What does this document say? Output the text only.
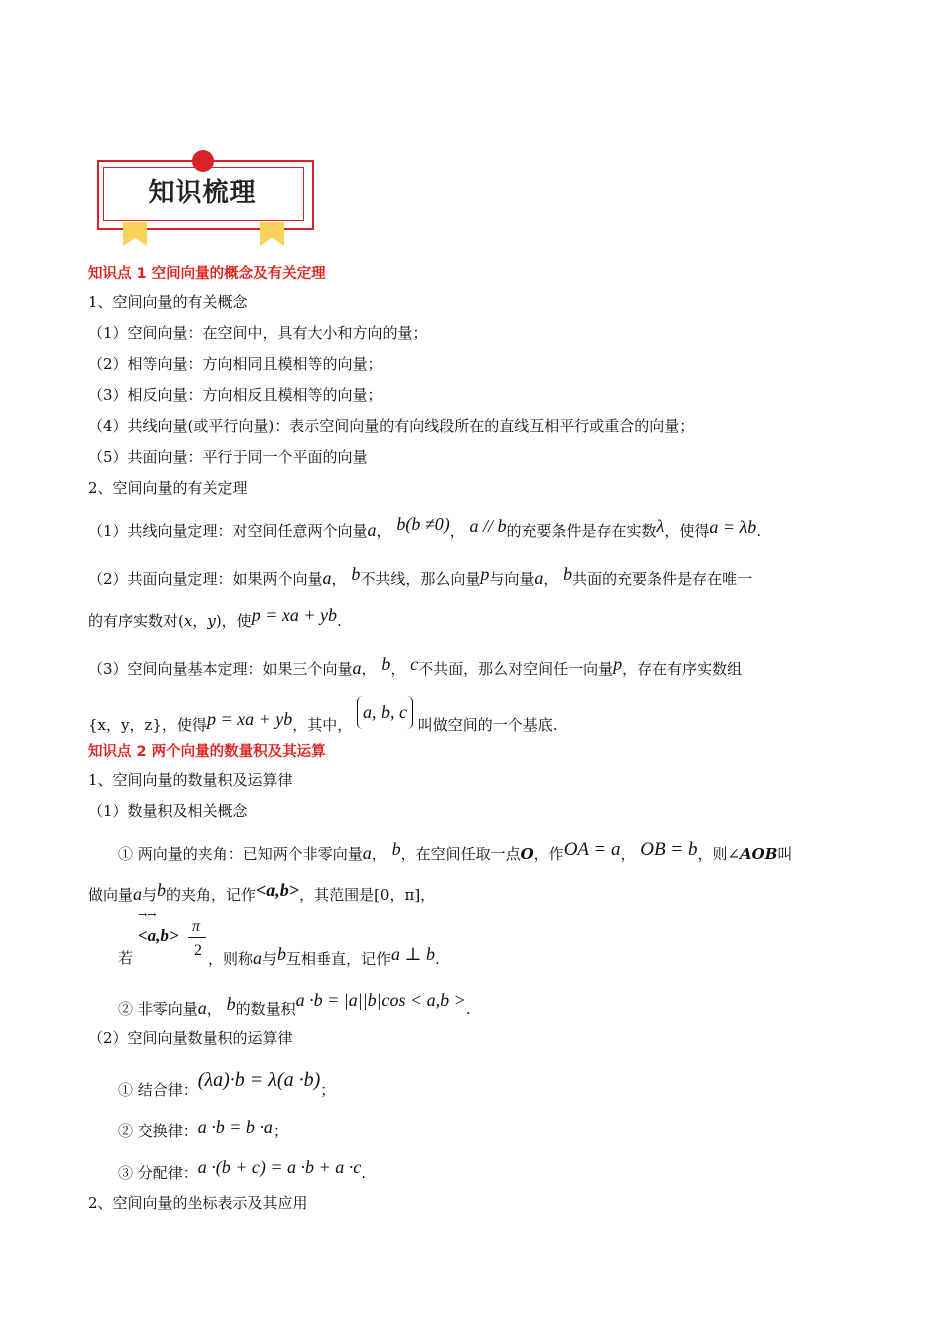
知识梳理
知识点 1 空间向量的概念及有关定理
1、空间向量的有关概念
（1）空间向量：在空间中，具有大小和方向的量；
（2）相等向量：方向相同且模相等的向量；
（3）相反向量：方向相反且模相等的向量；
（4）共线向量(或平行向量)：表示空间向量的有向线段所在的直线互相平行或重合的向量；
（5）共面向量：平行于同一个平面的向量
2、空间向量的有关定理
（1）共线向量定理：对空间任意两个向量a， b(b ≠0)， a // b的充要条件是存在实数λ，使得a = λb.
（2）共面向量定理：如果两个向量a， b不共线，那么向量p与向量a， b共面的充要条件是存在唯一
的有序实数对(x，y)，使p = xa + yb.
（3）空间向量基本定理：如果三个向量a， b， c不共面，那么对空间任一向量p，存在有序实数组
{x，y，z}，使得p = xa + yb，其中， a, b, c 叫做空间的一个基底.
知识点 2 两个向量的数量积及其运算
1、空间向量的数量积及运算律
（1）数量积及相关概念
① 两向量的夹角：已知两个非零向量a， b，在空间任取一点O，作OA = a， OB = b，则∠AOB叫
做向量a与b的夹角，记作<a,b>，其范围是[0，π]，
→→
<a,b> π
2
若	，则称a与b互相垂直，记作a ⊥ b.
② 非零向量a， b的数量积a ·b = |a||b|cos < a,b >.
（2）空间向量数量积的运算律
① 结合律：(λa)·b = λ(a ·b)；
② 交换律：a ·b = b ·a；
③ 分配律：a ·(b + c) = a ·b + a ·c.
2、空间向量的坐标表示及其应用
